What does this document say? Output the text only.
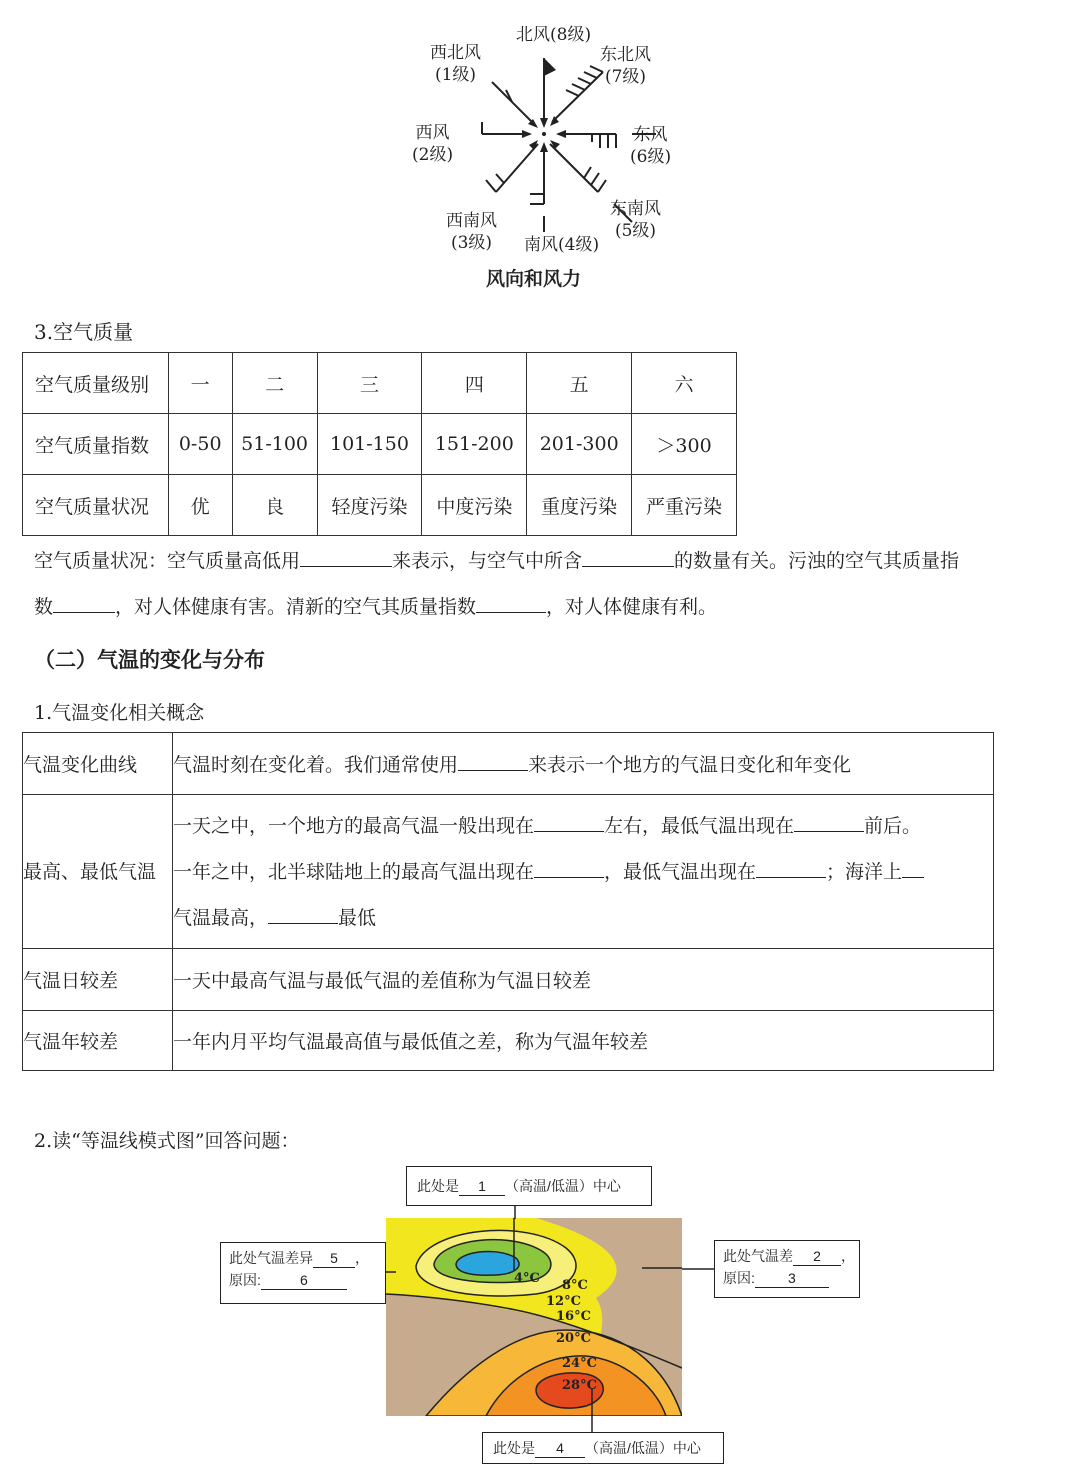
北风(8级)
东北风
(7级)
西北风
(1级)
西风
(2级)
东风
(6级)
东南风
(5级)
西南风
(3级) 南风(4级)
风向和风力
3.空气质量
空气质量级别	一	二	三	四	五	六
空气质量指数	0-50	51-100	101-150	151-200	201-300	＞300
空气质量状况	优	良	轻度污染	中度污染	重度污染	严重污染
空气质量状况：空气质量高低用	来表示，与空气中所含	的数量有关。污浊的空气其质量指
数	，对人体健康有害。清新的空气其质量指数	，对人体健康有利。
（二）气温的变化与分布
1.气温变化相关概念
气温变化曲线	气温时刻在变化着。我们通常使用 来表示一个地方的气温日变化和年变化
最高、最低气温	一天之中，一个地方的最高气温一般出现在 左右，最低气温出现在 前后。
一年之中，北半球陆地上的最高气温出现在 ，最低气温出现在 ；海洋上
气温最高， 最低

气温日较差	一天中最高气温与最低气温的差值称为气温日较差
气温年较差	一年内月平均气温最高值与最低值之差，称为气温年较差
2.读“等温线模式图”回答问题：
4°C 8°C
12°C
16°C
20°C
24°C
28°C
此处是 1 （高温/低温）中心
此处气温差异 5 ，
原因:	6
此处气温差 2 ，
原因: 3
此处是 4 （高温/低温）中心
